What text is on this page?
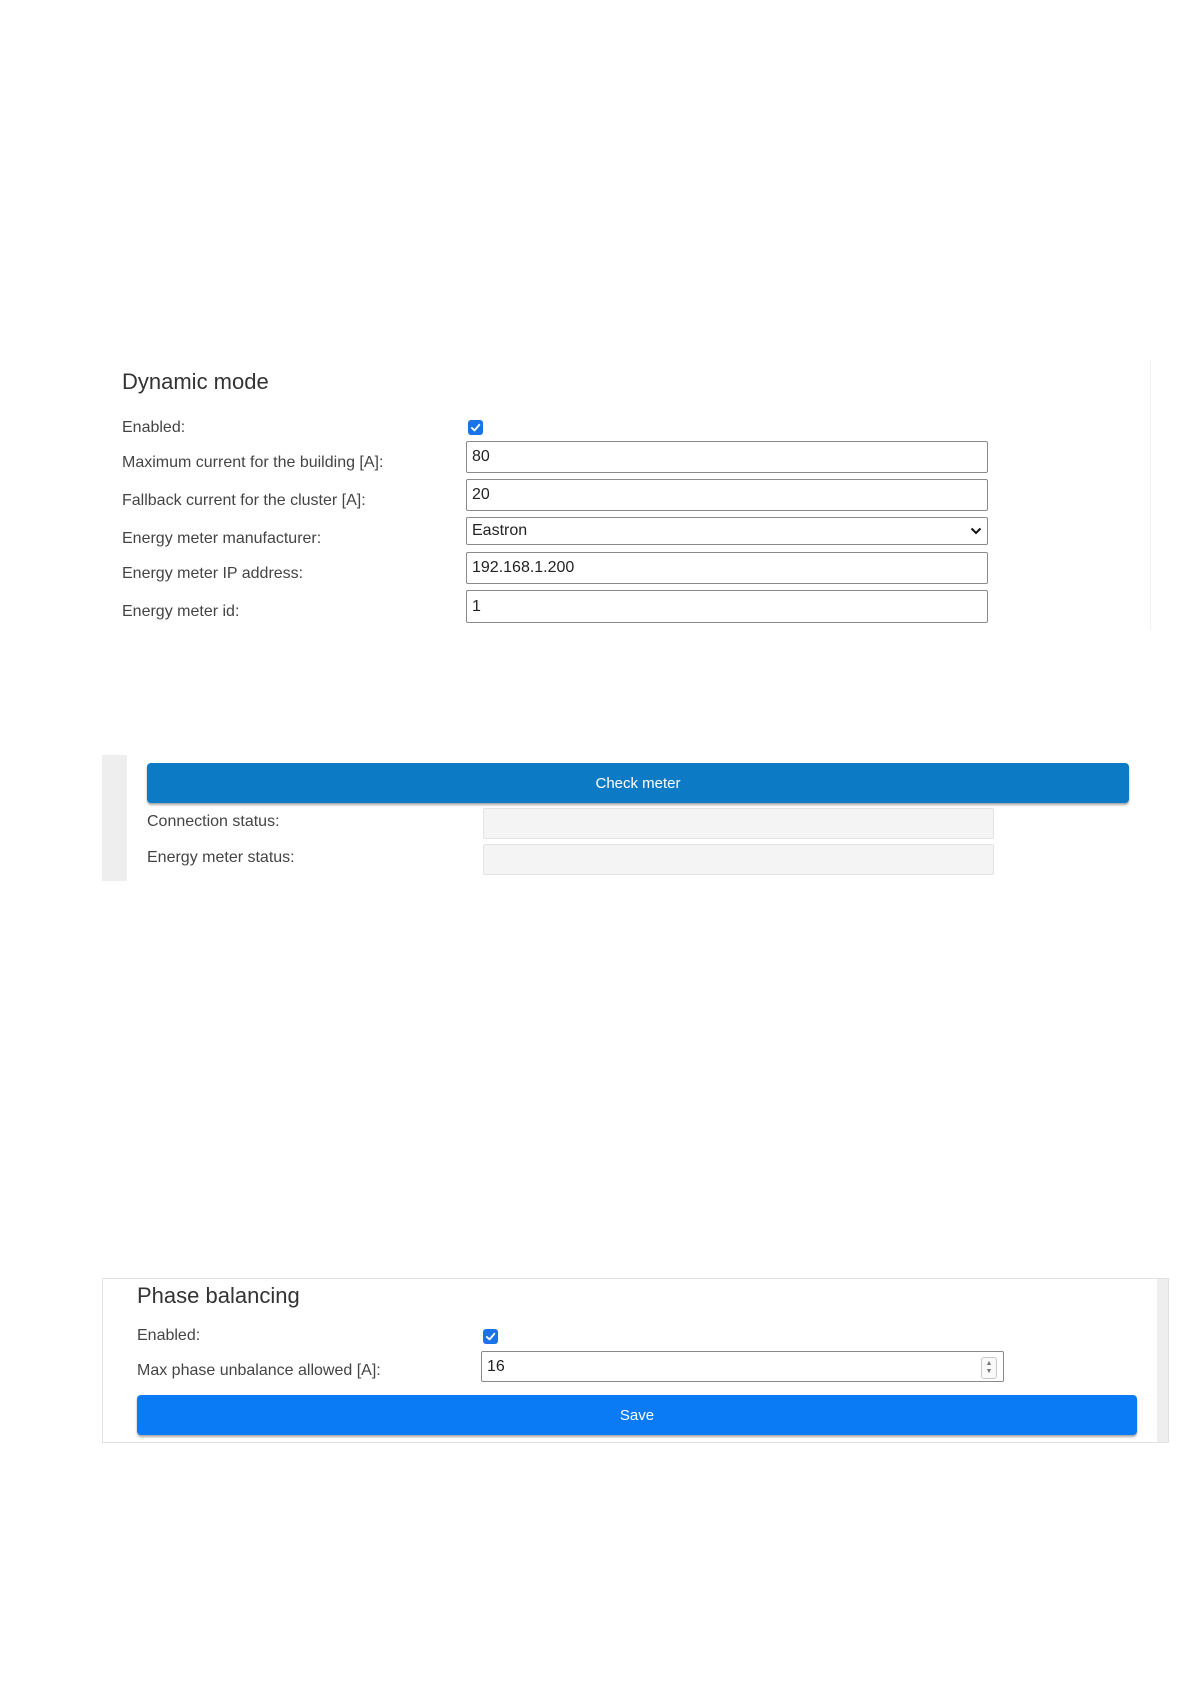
Dynamic mode
Enabled:
Maximum current for the building [A]:	80
Fallback current for the cluster [A]:	20
Energy meter manufacturer:	Eastron
Energy meter IP address:	192.168.1.200
Energy meter id:	1
Check meter
Connection status:
Energy meter status:
Phase balancing
Enabled:
Max phase unbalance allowed [A]:	16	▲
▼
Save
